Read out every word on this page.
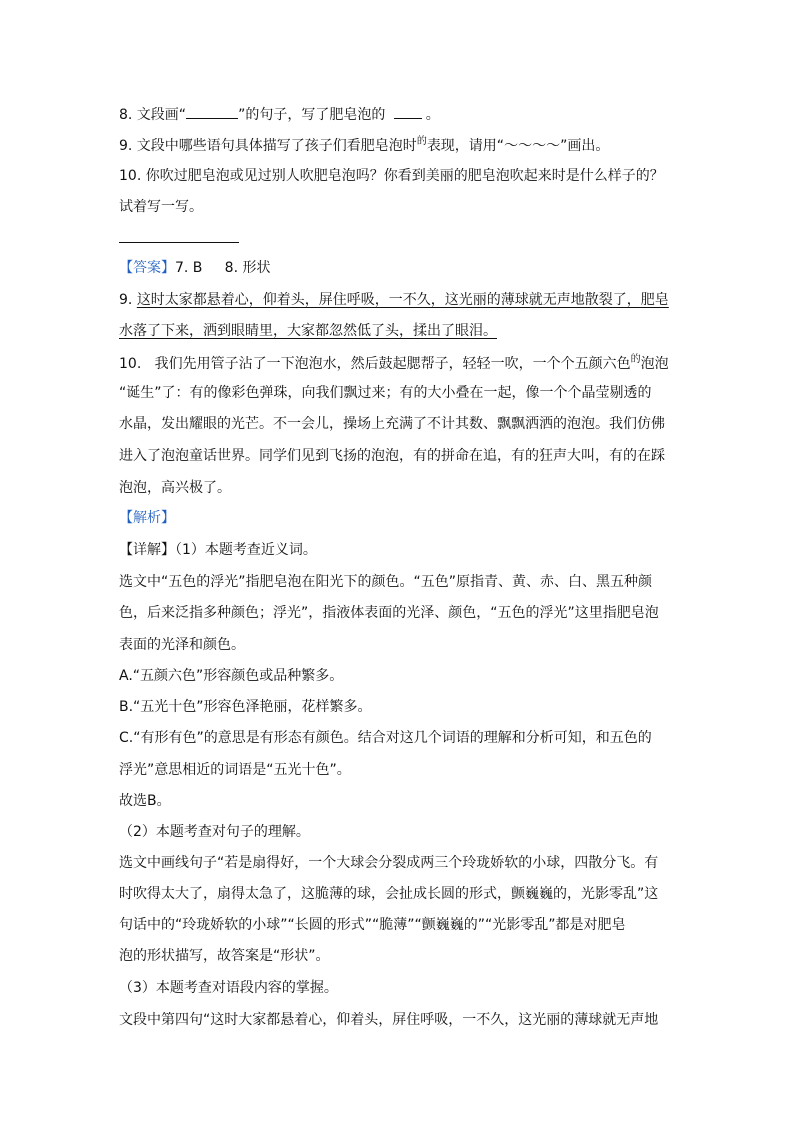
8. 文段画“	”的句子，写了肥皂泡的	。
9. 文段中哪些语句具体描写了孩子们看肥皂泡时$^的$表现，请用“～～～～”画出。
10. 你吹过肥皂泡或见过别人吹肥皂泡吗？你看到美丽的肥皂泡吹起来时是什么样子的？
试着写一写。
【答案】7. B     8. 形状
9. 这时太家都悬着心，仰着头，屏住呼吸，一不久，这光丽的薄球就无声地散裂了，肥皂
水落了下来，洒到眼睛里，大家都忽然低了头，揉出了眼泪。
10.   我们先用管子沾了一下泡泡水，然后鼓起腮帮子，轻轻一吹，一个个五颜六色$^的$泡泡
“诞生”了：有的像彩色弹珠，向我们飘过来；有的大小叠在一起，像一个个晶莹剔透的
水晶，发出耀眼的光芒。不一会儿，操场上充满了不计其数、飘飘洒洒的泡泡。我们仿佛
进入了泡泡童话世界。同学们见到飞扬的泡泡，有的拼命在追，有的狂声大叫，有的在踩
泡泡，高兴极了。
【解析】
【详解】（1）本题考查近义词。
选文中“五色的浮光”指肥皂泡在阳光下的颜色。“五色”原指青、黄、赤、白、黑五种颜
色，后来泛指多种颜色；浮光”，指液体表面的光泽、颜色，“五色的浮光”这里指肥皂泡
表面的光泽和颜色。
A.“五颜六色”形容颜色或品种繁多。
B.“五光十色”形容色泽艳丽，花样繁多。
C.“有形有色”的意思是有形态有颜色。结合对这几个词语的理解和分析可知，和五色的
浮光”意思相近的词语是“五光十色”。
故选B。
（2）本题考查对句子的理解。
选文中画线句子“若是扇得好，一个大球会分裂成两三个玲珑娇软的小球，四散分飞。有
时吹得太大了，扇得太急了，这脆薄的球，会扯成长圆的形式，颤巍巍的，光影零乱”这
句话中的“玲珑娇软的小球”“长圆的形式”“脆薄”“颤巍巍的”“光影零乱”都是对肥皂
泡的形状描写，故答案是“形状”。
（3）本题考查对语段内容的掌握。
文段中第四句“这时大家都悬着心，仰着头，屏住呼吸，一不久，这光丽的薄球就无声地
